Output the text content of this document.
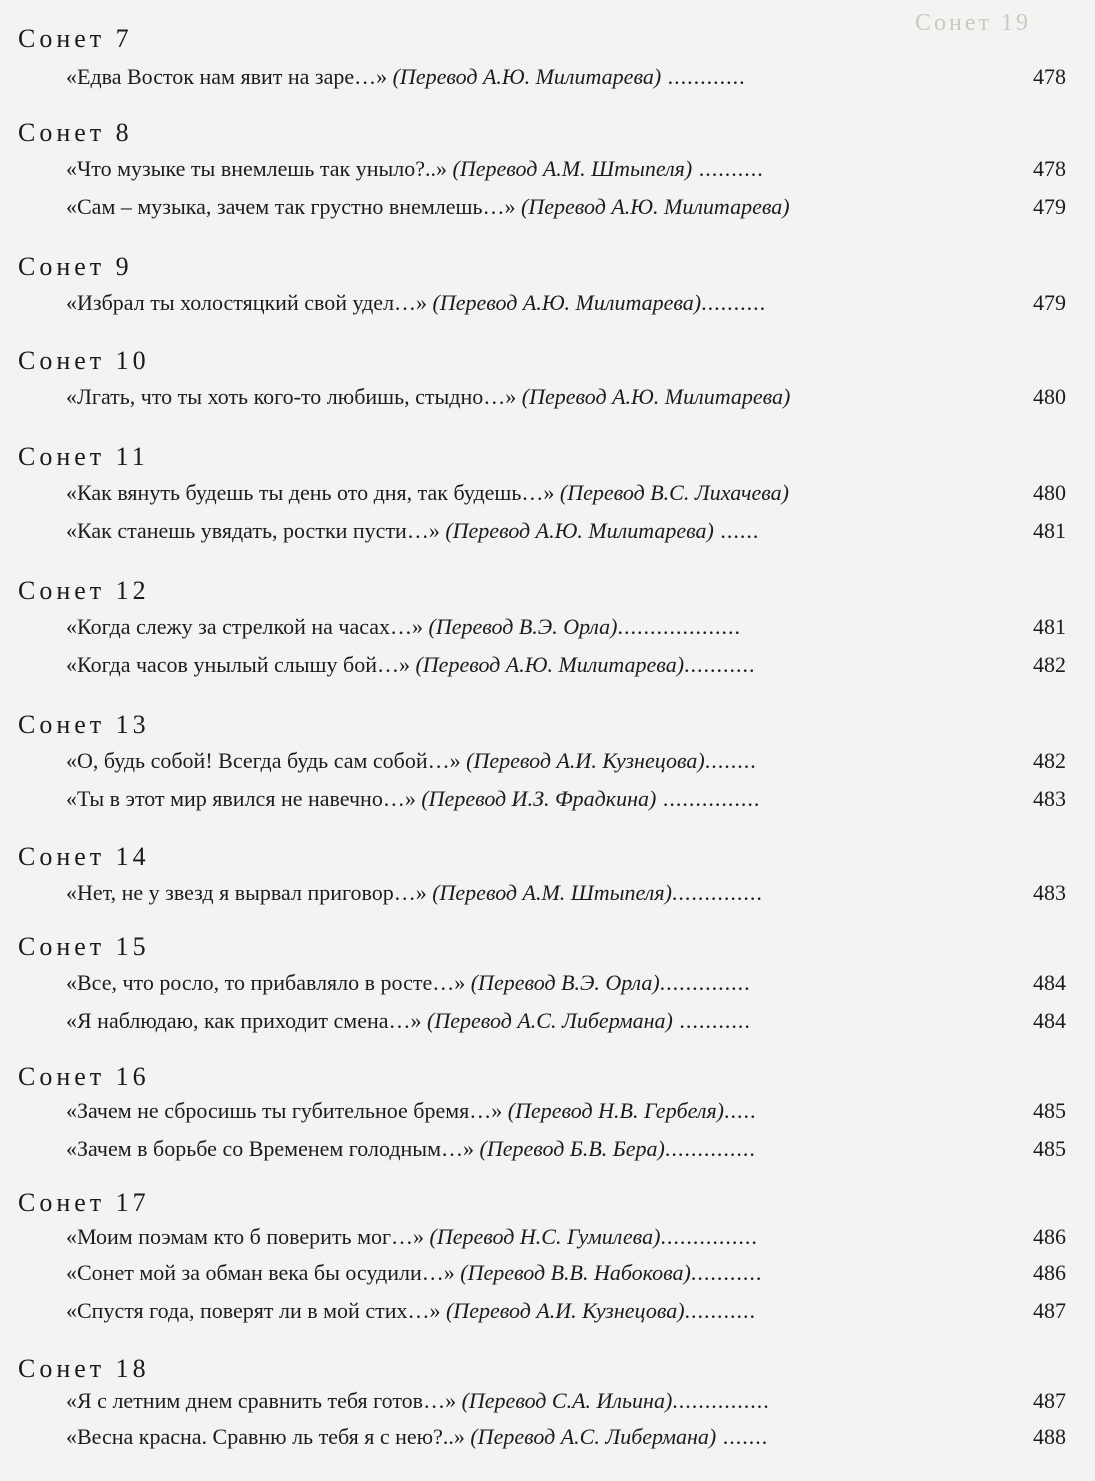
Сонет 19
Сонет 7
«Едва Восток нам явит на заре…» (Перевод А.Ю. Милитарева) ............	478
Сонет 8
«Что музыке ты внемлешь так уныло?..» (Перевод А.М. Штыпеля) ..........	478
«Сам – музыка, зачем так грустно внемлешь…» (Перевод А.Ю. Милитарева)	479
Сонет 9
«Избрал ты холостяцкий свой удел…» (Перевод А.Ю. Милитарева)..........	479
Сонет 10
«Лгать, что ты хоть кого-то любишь, стыдно…» (Перевод А.Ю. Милитарева)	480
Сонет 11
«Как вянуть будешь ты день ото дня, так будешь…» (Перевод В.С. Лихачева)	480
«Как станешь увядать, ростки пусти…» (Перевод А.Ю. Милитарева) ......	481
Сонет 12
«Когда слежу за стрелкой на часах…» (Перевод В.Э. Орла)...................	481
«Когда часов унылый слышу бой…» (Перевод А.Ю. Милитарева)...........	482
Сонет 13
«О, будь собой! Всегда будь сам собой…» (Перевод А.И. Кузнецова)........	482
«Ты в этот мир явился не навечно…» (Перевод И.З. Фрадкина) ...............	483
Сонет 14
«Нет, не у звезд я вырвал приговор…» (Перевод А.М. Штыпеля)..............	483
Сонет 15
«Все, что росло, то прибавляло в росте…» (Перевод В.Э. Орла)..............	484
«Я наблюдаю, как приходит смена…» (Перевод А.С. Либермана) ...........	484
Сонет 16
«Зачем не сбросишь ты губительное бремя…» (Перевод Н.В. Гербеля).....	485
«Зачем в борьбе со Временем голодным…» (Перевод Б.В. Бера)..............	485
Сонет 17
«Моим поэмам кто б поверить мог…» (Перевод Н.С. Гумилева)...............	486
«Сонет мой за обман века бы осудили…» (Перевод В.В. Набокова)...........	486
«Спустя года, поверят ли в мой стих…» (Перевод А.И. Кузнецова)...........	487
Сонет 18
«Я с летним днем сравнить тебя готов…» (Перевод С.А. Ильина)...............	487
«Весна красна. Сравню ль тебя я с нею?..» (Перевод А.С. Либермана) .......	488
